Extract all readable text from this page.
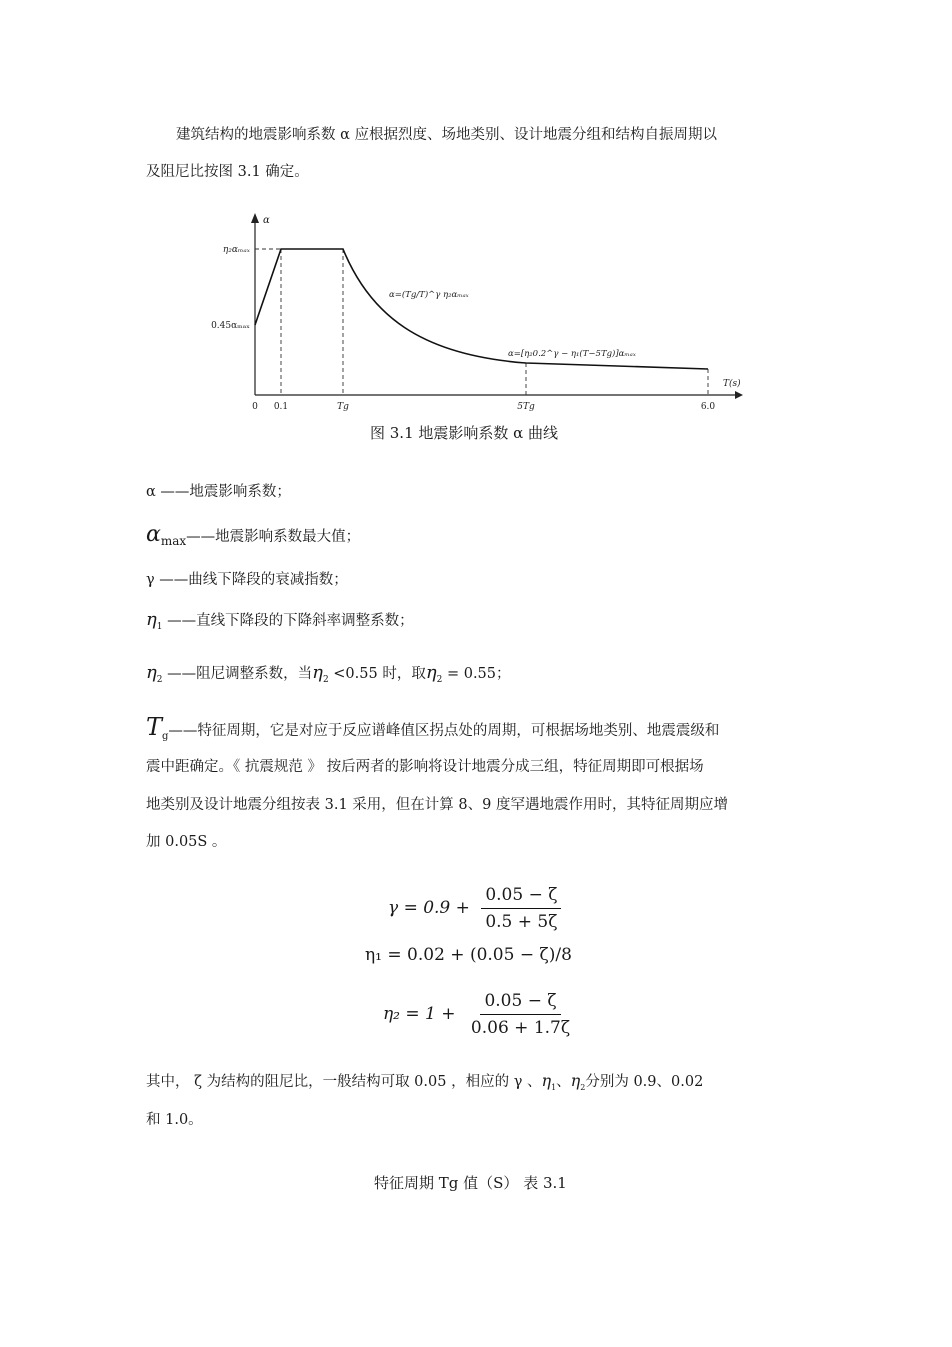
建筑结构的地震影响系数 α 应根据烈度、场地类别、设计地震分组和结构自振周期以
及阻尼比按图 3.1 确定。
α
η₂αₘₐₓ
0.45αₘₐₓ
α=(Tg/T)^γ η₂αₘₐₓ
α=[η₂0.2^γ − η₁(T−5Tg)]αₘₐₓ
T(s)
0 0.1	Tg	5Tg	6.0
图 3.1 地震影响系数 α 曲线
α ——地震影响系数；
$\alpha_{max}——$地震影响系数最大值；
γ ——曲线下降段的衰减指数；
$\eta_1$ ——直线下降段的下降斜率调整系数；
$\eta_2$ ——阻尼调整系数，当$\eta_2 <0.55$ 时，取$\eta_2 = 0.55$；
$T_g——$特征周期，它是对应于反应谱峰值区拐点处的周期，可根据场地类别、地震震级和
震中距确定。《 抗震规范 》 按后两者的影响将设计地震分成三组，特征周期即可根据场
地类别及设计地震分组按表 3.1 采用，但在计算 8、9 度罕遇地震作用时，其特征周期应增
加 0.05S 。
$\gamma = 0.9 + \frac{0.05 - \zeta}{0.5 + 5\zeta}$
η₁ = 0.02 + (0.05 − ζ)/8
$\eta_2 = 1 + \frac{0.05 - \zeta}{0.06 + 1.7\zeta}$
其中， ζ 为结构的阻尼比，一般结构可取 0.05 ，相应的 γ 、$\eta_1$、$\eta_2$分别为 0.9、0.02
和 1.0。
特征周期 Tg 值（S） 表 3.1
